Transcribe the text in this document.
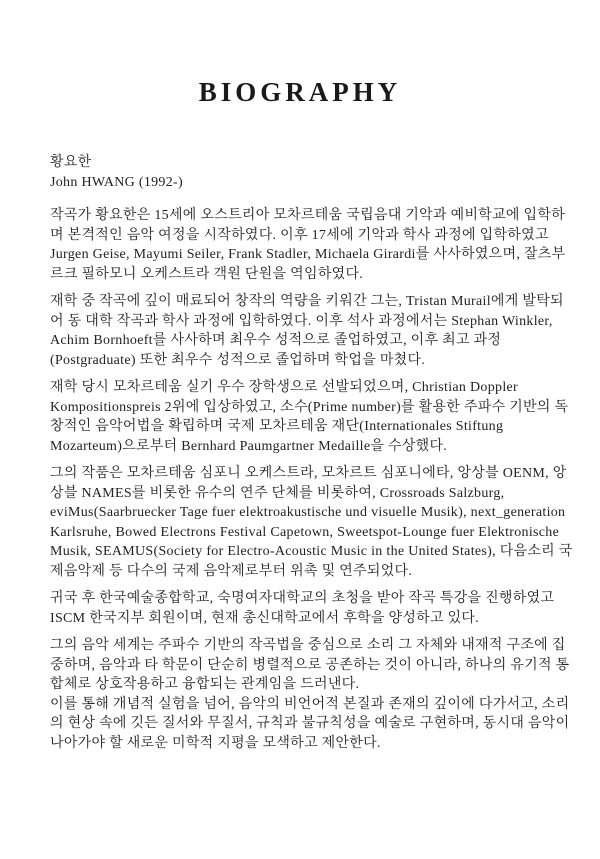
BIOGRAPHY
황요한
John HWANG (1992-)

작곡가 황요한은 15세에 오스트리아 모차르테움 국립음대 기악과 예비학교에 입학하며 본격적인 음악 여정을 시작하였다. 이후 17세에 기악과 학사 과정에 입학하였고 Jurgen Geise, Mayumi Seiler, Frank Stadler, Michaela Girardi를 사사하였으며, 잘츠부르크 필하모니 오케스트라 객원 단원을 역임하였다.

재학 중 작곡에 깊이 매료되어 창작의 역량을 키워간 그는, Tristan Murail에게 발탁되어 동 대학 작곡과 학사 과정에 입학하였다. 이후 석사 과정에서는 Stephan Winkler, Achim Bornhoeft를 사사하며 최우수 성적으로 졸업하였고, 이후 최고 과정 (Postgraduate) 또한 최우수 성적으로 졸업하며 학업을 마쳤다.

재학 당시 모차르테움 실기 우수 장학생으로 선발되었으며, Christian Doppler Kompositionspreis 2위에 입상하였고, 소수(Prime number)를 활용한 주파수 기반의 독창적인 음악어법을 확립하며 국제 모차르테움 재단(Internationales Stiftung Mozarteum)으로부터 Bernhard Paumgartner Medaille을 수상했다.

그의 작품은 모차르테움 심포니 오케스트라, 모차르트 심포니에타, 앙상블 OENM, 앙상블 NAMES를 비롯한 유수의 연주 단체를 비롯하여, Crossroads Salzburg, eviMus(Saarbruecker Tage fuer elektroakustische und visuelle Musik), next_generation Karlsruhe, Bowed Electrons Festival Capetown, Sweetspot-Lounge fuer Elektronische Musik, SEAMUS(Society for Electro-Acoustic Music in the United States), 다음소리 국제음악제 등 다수의 국제 음악제로부터 위촉 및 연주되었다.

귀국 후 한국예술종합학교, 숙명여자대학교의 초청을 받아 작곡 특강을 진행하였고 ISCM 한국지부 회원이며, 현재 총신대학교에서 후학을 양성하고 있다.

그의 음악 세계는 주파수 기반의 작곡법을 중심으로 소리 그 자체와 내재적 구조에 집중하며, 음악과 타 학문이 단순히 병렬적으로 공존하는 것이 아니라, 하나의 유기적 통합체로 상호작용하고 융합되는 관계임을 드러낸다.

이를 통해 개념적 실험을 넘어, 음악의 비언어적 본질과 존재의 깊이에 다가서고, 소리의 현상 속에 깃든 질서와 무질서, 규칙과 불규칙성을 예술로 구현하며, 동시대 음악이 나아가야 할 새로운 미학적 지평을 모색하고 제안한다.
